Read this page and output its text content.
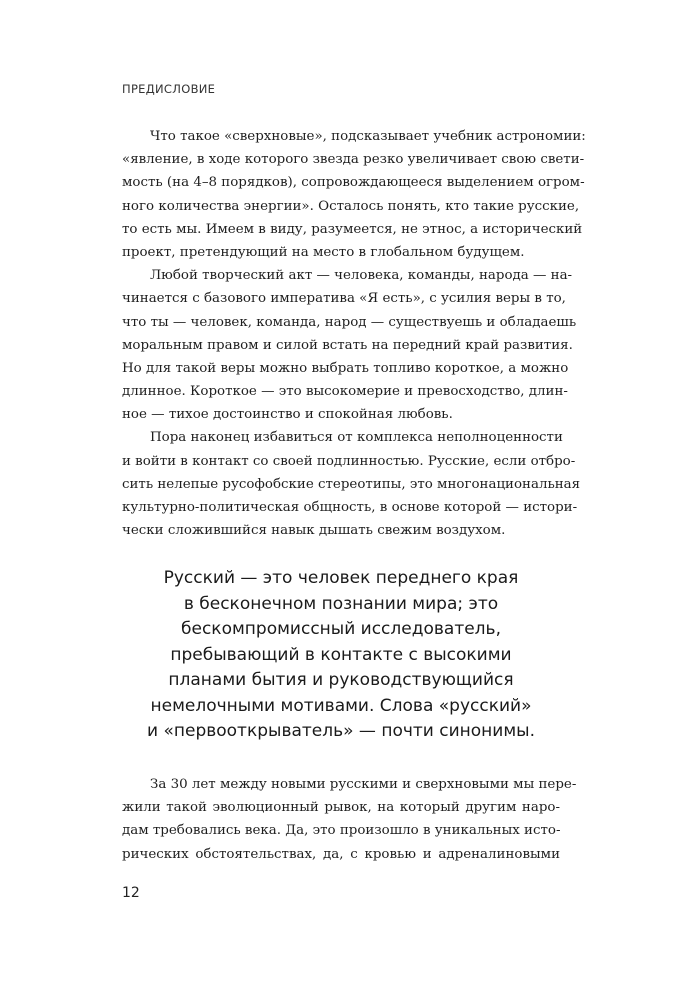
ПРЕДИСЛОВИЕ
Что такое «сверхновые», подсказывает учебник астрономии:
«явление, в ходе которого звезда резко увеличивает свою свети-
мость (на 4–8 порядков), сопровождающееся выделением огром-
ного количества энергии». Осталось понять, кто такие русские,
то есть мы. Имеем в виду, разумеется, не этнос, а исторический
проект, претендующий на место в глобальном будущем.
Любой творческий акт — человека, команды, народа — на-
чинается с базового императива «Я есть», с усилия веры в то,
что ты — человек, команда, народ — существуешь и обладаешь
моральным правом и силой встать на передний край развития.
Но для такой веры можно выбрать топливо короткое, а можно
длинное. Короткое — это высокомерие и превосходство, длин-
ное — тихое достоинство и спокойная любовь.
Пора наконец избавиться от комплекса неполноценности
и войти в контакт со своей подлинностью. Русские, если отбро-
сить нелепые русофобские стереотипы, это многонациональная
культурно-политическая общность, в основе которой — истори-
чески сложившийся навык дышать свежим воздухом.
Русский — это человек переднего края
в бесконечном познании мира; это
бескомпромиссный исследователь,
пребывающий в контакте с высокими
планами бытия и руководствующийся
немелочными мотивами. Слова «русский»
и «первооткрыватель» — почти синонимы.
За 30 лет между новыми русскими и сверхновыми мы пере-
жили такой эволюционный рывок, на который другим наро-
дам требовались века. Да, это произошло в уникальных исто-
рических обстоятельствах, да, с кровью и адреналиновыми
12
